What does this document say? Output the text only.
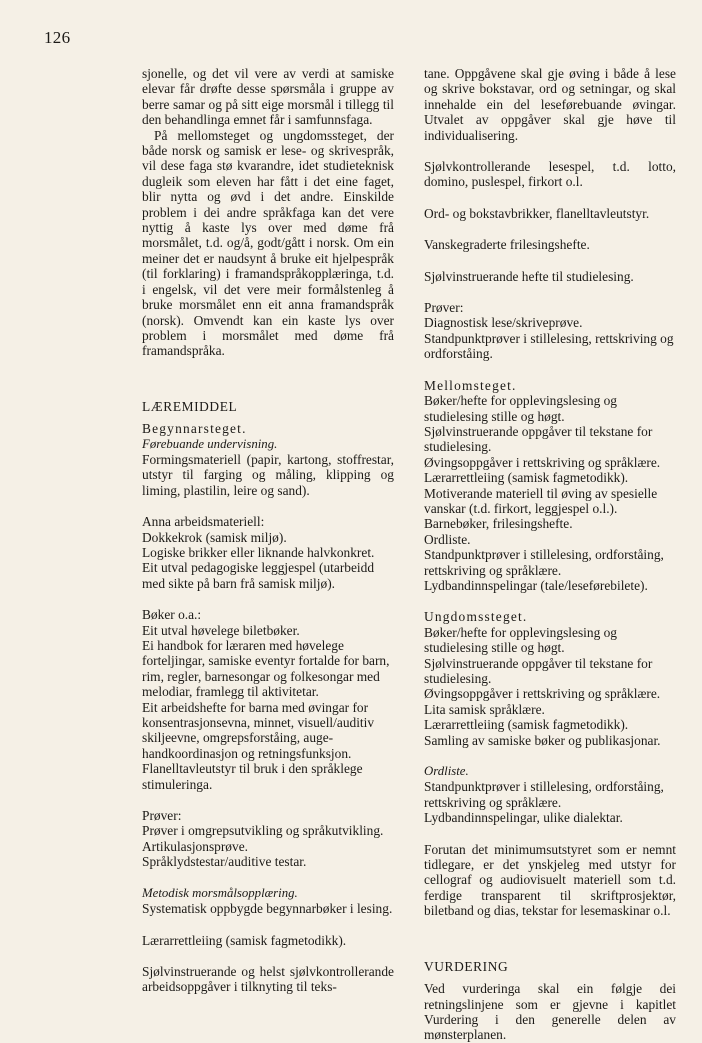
126

sjonelle, og det vil vere av verdi at samiske elevar får drøfte desse spørsmåla i gruppe av berre samar og på sitt eige morsmål i tillegg til den behandlinga emnet får i samfunnsfaga.

På mellomsteget og ungdomssteget, der både norsk og samisk er lese- og skrivespråk, vil dese faga stø kvarandre, idet studieteknisk dugleik som eleven har fått i det eine faget, blir nytta og øvd i det andre. Einskilde problem i dei andre språkfaga kan det vere nyttig å kaste lys over med døme frå morsmålet, t.d. og/å, godt/gått i norsk. Om ein meiner det er naudsynt å bruke eit hjelpespråk (til forklaring) i framandspråkopplæringa, t.d. i engelsk, vil det vere meir formålstenleg å bruke morsmålet enn eit anna framandspråk (norsk). Omvendt kan ein kaste lys over problem i morsmålet med døme frå framandspråka.

LÆREMIDDEL

Begynnarsteget.

Førebuande undervisning.

Formingsmateriell (papir, kartong, stoffrestar, utstyr til farging og måling, klipping og liming, plastilin, leire og sand).

Anna arbeidsmateriell:

Dokkekrok (samisk miljø).
Logiske brikker eller liknande halvkonkret.
Eit utval pedagogiske leggjespel (utarbeidd med sikte på barn frå samisk miljø).

Bøker o.a.:

Eit utval høvelege biletbøker.
Ei handbok for læraren med høvelege forteljingar, samiske eventyr fortalde for barn, rim, regler, barnesongar og folkesongar med melodiar, framlegg til aktivitetar.
Eit arbeidshefte for barna med øvingar for konsentrasjonsevna, minnet, visuell/auditiv skiljeevne, omgrepsforståing, auge-handkoordinasjon og retningsfunksjon.
Flanelltavleutstyr til bruk i den språklege stimuleringa.

Prøver:

Prøver i omgrepsutvikling og språkutvikling.
Artikulasjonsprøve.
Språklydstestar/auditive testar.

Metodisk morsmålsopplæring.

Systematisk oppbygde begynnarbøker i lesing.

Lærarrettleiing (samisk fagmetodikk).

Sjølvinstruerande og helst sjølvkontrollerande arbeidsoppgåver i tilknyting til teks-

tane. Oppgåvene skal gje øving i både å lese og skrive bokstavar, ord og setningar, og skal innehalde ein del leseførebuande øvingar. Utvalet av oppgåver skal gje høve til individualisering.

Sjølvkontrollerande lesespel, t.d. lotto, domino, puslespel, firkort o.l.

Ord- og bokstavbrikker, flanelltavleutstyr.

Vanskegraderte frilesingshefte.

Sjølvinstruerande hefte til studielesing.

Prøver:

Diagnostisk lese/skriveprøve.
Standpunktprøver i stillelesing, rettskriving og ordforståing.

Mellomsteget.

Bøker/hefte for opplevingslesing og studielesing stille og høgt.
Sjølvinstruerande oppgåver til tekstane for studielesing.
Øvingsoppgåver i rettskriving og språklære.
Lærarrettleiing (samisk fagmetodikk).
Motiverande materiell til øving av spesielle vanskar (t.d. firkort, leggjespel o.l.).
Barnebøker, frilesingshefte.
Ordliste.
Standpunktprøver i stillelesing, ordforståing, rettskriving og språklære.
Lydbandinnspelingar (tale/leseførebilete).

Ungdomssteget.

Bøker/hefte for opplevingslesing og studielesing stille og høgt.
Sjølvinstruerande oppgåver til tekstane for studielesing.
Øvingsoppgåver i rettskriving og språklære.
Lita samisk språklære.
Lærarrettleiing (samisk fagmetodikk).
Samling av samiske bøker og publikasjonar.

Ordliste.

Standpunktprøver i stillelesing, ordforståing, rettskriving og språklære.
Lydbandinnspelingar, ulike dialektar.

Forutan det minimumsutstyret som er nemnt tidlegare, er det ynskjeleg med utstyr for cellograf og audiovisuelt materiell som t.d. ferdige transparent til skriftprosjektør, biletband og dias, tekstar for lesemaskinar o.l.

VURDERING

Ved vurderinga skal ein følgje dei retningslinjene som er gjevne i kapitlet Vurdering i den generelle delen av mønsterplanen.
